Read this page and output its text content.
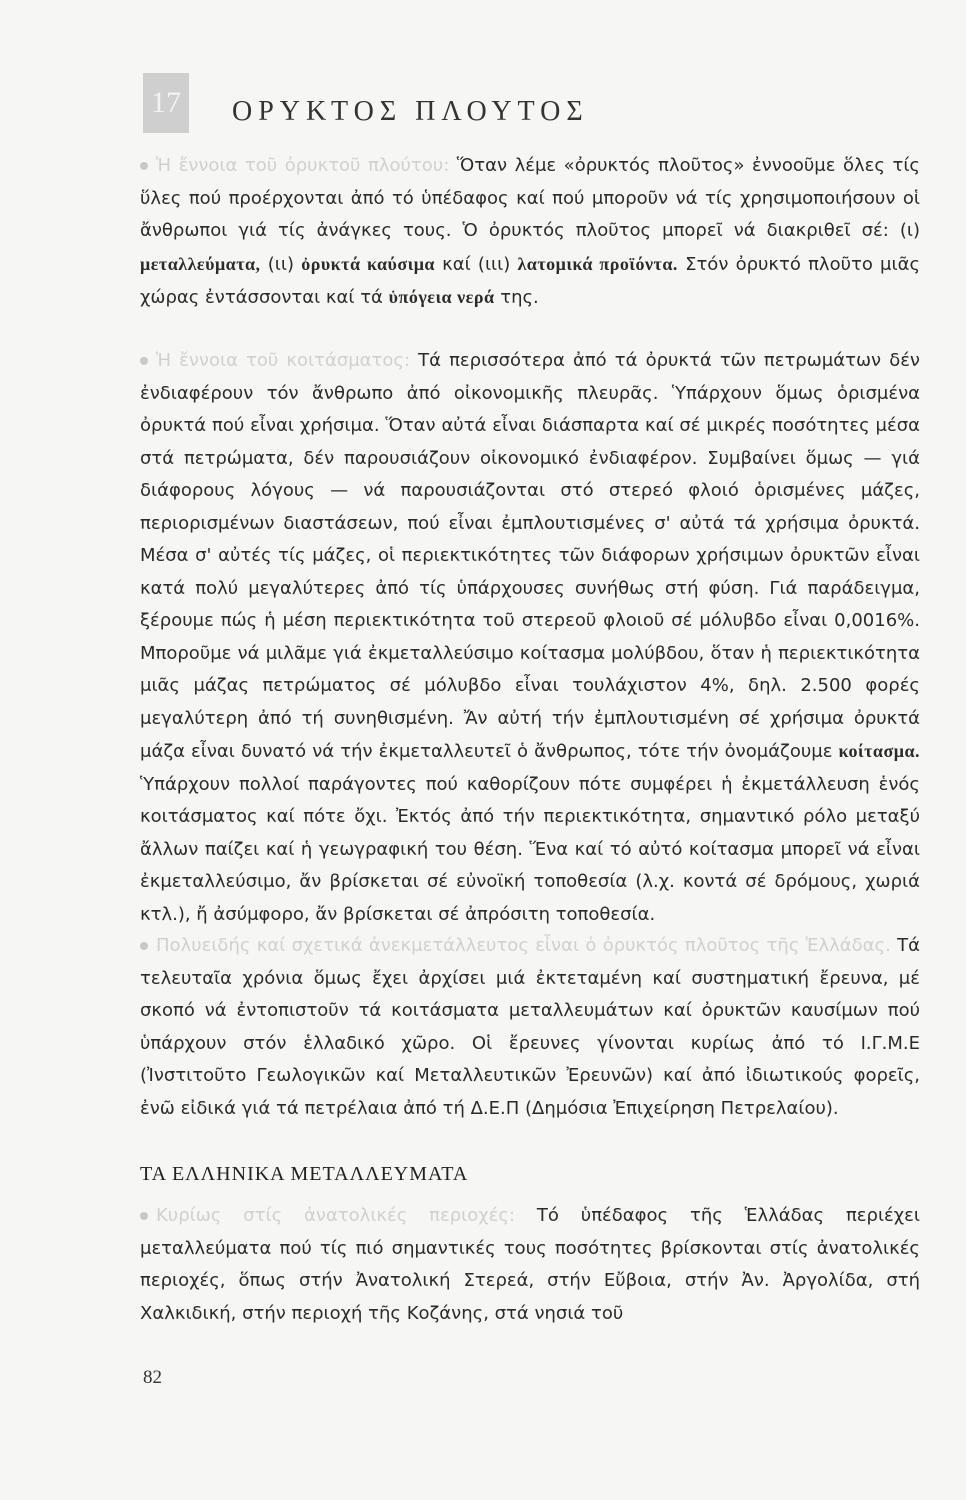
17 ΟΡΥΚΤΟΣ ΠΛΟΥΤΟΣ
Ἡ ἔννοια τοῦ ὀρυκτοῦ πλούτου: Ὅταν λέμε «ὀρυκτός πλοῦτος» ἐννοοῦμε ὅλες τίς ὕλες πού προέρχονται ἀπό τό ὑπέδαφος καί πού μποροῦν νά τίς χρησιμοποιήσουν οἱ ἄνθρωποι γιά τίς ἀνάγκες τους. Ὁ ὀρυκτός πλοῦτος μπορεῖ νά διακριθεῖ σέ: (ι) μεταλλεύματα, (ιι) ὀρυκτά καύσιμα καί (ιιι) λατομικά προϊόντα. Στόν ὀρυκτό πλοῦτο μιᾶς χώρας ἐντάσσονται καί τά ὑπόγεια νερά της.
Ἡ ἔννοια τοῦ κοιτάσματος: Τά περισσότερα ἀπό τά ὀρυκτά τῶν πετρωμάτων δέν ἐνδιαφέρουν τόν ἄνθρωπο ἀπό οἰκονομικῆς πλευρᾶς. Ὑπάρχουν ὅμως ὁρισμένα ὀρυκτά πού εἶναι χρήσιμα. Ὅταν αὐτά εἶναι διάσπαρτα καί σέ μικρές ποσότητες μέσα στά πετρώματα, δέν παρουσιάζουν οἰκονομικό ἐνδιαφέρον. Συμβαίνει ὅμως — γιά διάφορους λόγους — νά παρουσιάζονται στό στερεό φλοιό ὁρισμένες μάζες, περιορισμένων διαστάσεων, πού εἶναι ἐμπλουτισμένες σ' αὐτά τά χρήσιμα ὀρυκτά. Μέσα σ' αὐτές τίς μάζες, οἱ περιεκτικότητες τῶν διάφορων χρήσιμων ὀρυκτῶν εἶναι κατά πολύ μεγαλύτερες ἀπό τίς ὑπάρχουσες συνήθως στή φύση. Γιά παράδειγμα, ξέρουμε πώς ἡ μέση περιεκτικότητα τοῦ στερεοῦ φλοιοῦ σέ μόλυβδο εἶναι 0,0016%. Μποροῦμε νά μιλᾶμε γιά ἐκμεταλλεύσιμο κοίτασμα μολύβδου, ὅταν ἡ περιεκτικότητα μιᾶς μάζας πετρώματος σέ μόλυβδο εἶναι τουλάχιστον 4%, δηλ. 2.500 φορές μεγαλύτερη ἀπό τή συνηθισμένη. Ἄν αὐτή τήν ἐμπλουτισμένη σέ χρήσιμα ὀρυκτά μάζα εἶναι δυνατό νά τήν ἐκμεταλλευτεῖ ὁ ἄνθρωπος, τότε τήν ὀνομάζουμε κοίτασμα. Ὑπάρχουν πολλοί παράγοντες πού καθορίζουν πότε συμφέρει ἡ ἐκμετάλλευση ἑνός κοιτάσματος καί πότε ὄχι. Ἐκτός ἀπό τήν περιεκτικότητα, σημαντικό ρόλο μεταξύ ἄλλων παίζει καί ἡ γεωγραφική του θέση. Ἕνα καί τό αὐτό κοίτασμα μπορεῖ νά εἶναι ἐκμεταλλεύσιμο, ἄν βρίσκεται σέ εὐνοϊκή τοποθεσία (λ.χ. κοντά σέ δρόμους, χωριά κτλ.), ἤ ἀσύμφορο, ἄν βρίσκεται σέ ἀπρόσιτη τοποθεσία.
Πολυειδής καί σχετικά ἀνεκμετάλλευτος εἶναι ὁ ὀρυκτός πλοῦτος τῆς Ἑλλάδας. Τά τελευταῖα χρόνια ὅμως ἔχει ἀρχίσει μιά ἐκτεταμένη καί συστηματική ἔρευνα, μέ σκοπό νά ἐντοπιστοῦν τά κοιτάσματα μεταλλευμάτων καί ὀρυκτῶν καυσίμων πού ὑπάρχουν στόν ἑλλαδικό χῶρο. Οἱ ἔρευνες γίνονται κυρίως ἀπό τό Ι.Γ.Μ.Ε (Ἰνστιτοῦτο Γεωλογικῶν καί Μεταλλευτικῶν Ἐρευνῶν) καί ἀπό ἰδιωτικούς φορεῖς, ἐνῶ εἰδικά γιά τά πετρέλαια ἀπό τή Δ.Ε.Π (Δημόσια Ἐπιχείρηση Πετρελαίου).
ΤΑ ΕΛΛΗΝΙΚΑ ΜΕΤΑΛΛΕΥΜΑΤΑ
Κυρίως στίς ἀνατολικές περιοχές: Τό ὑπέδαφος τῆς Ἑλλάδας περιέχει μεταλλεύματα πού τίς πιό σημαντικές τους ποσότητες βρίσκονται στίς ἀνατολικές περιοχές, ὅπως στήν Ἀνατολική Στερεά, στήν Εὔβοια, στήν Ἀν. Ἀργολίδα, στή Χαλκιδική, στήν περιοχή τῆς Κοζάνης, στά νησιά τοῦ
82
